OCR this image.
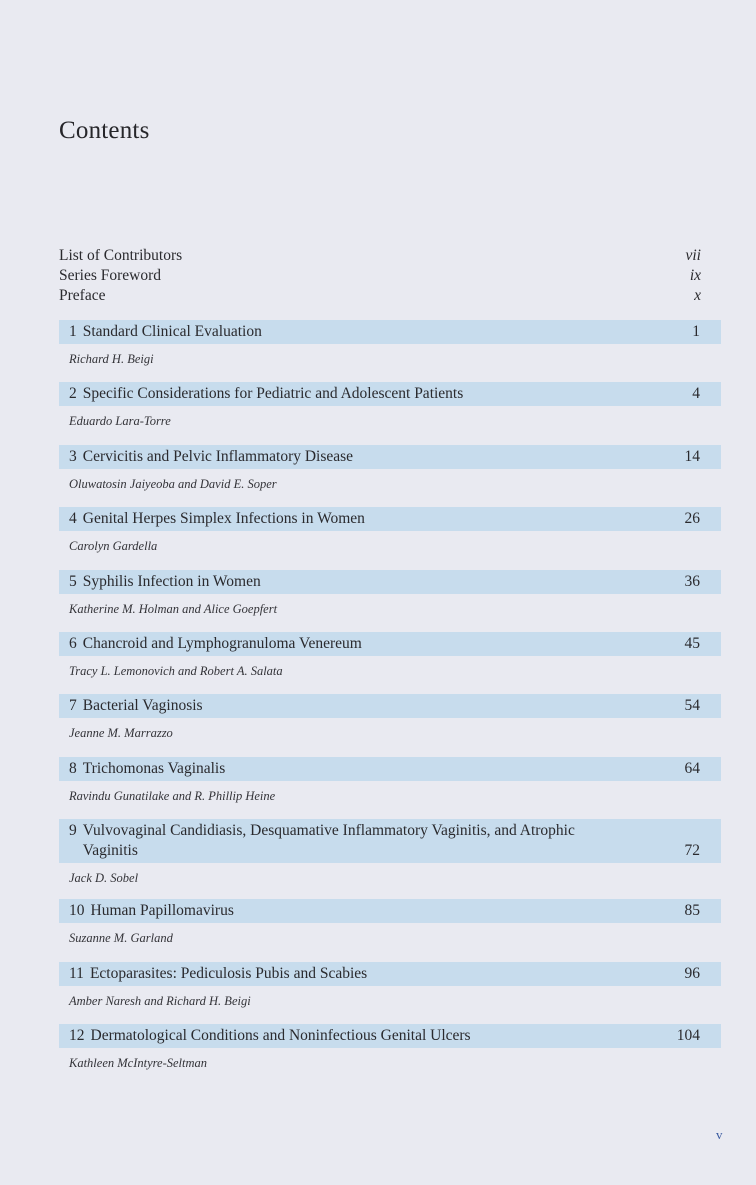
Contents
List of Contributors	vii
Series Foreword	ix
Preface	x
1 Standard Clinical Evaluation	1
Richard H. Beigi
2 Specific Considerations for Pediatric and Adolescent Patients	4
Eduardo Lara-Torre
3 Cervicitis and Pelvic Inflammatory Disease	14
Oluwatosin Jaiyeoba and David E. Soper
4 Genital Herpes Simplex Infections in Women	26
Carolyn Gardella
5 Syphilis Infection in Women	36
Katherine M. Holman and Alice Goepfert
6 Chancroid and Lymphogranuloma Venereum	45
Tracy L. Lemonovich and Robert A. Salata
7 Bacterial Vaginosis	54
Jeanne M. Marrazzo
8 Trichomonas Vaginalis	64
Ravindu Gunatilake and R. Phillip Heine
9 Vulvovaginal Candidiasis, Desquamative Inflammatory Vaginitis, and Atrophic Vaginitis	72
Jack D. Sobel
10 Human Papillomavirus	85
Suzanne M. Garland
11 Ectoparasites: Pediculosis Pubis and Scabies	96
Amber Naresh and Richard H. Beigi
12 Dermatological Conditions and Noninfectious Genital Ulcers	104
Kathleen McIntyre-Seltman
v
